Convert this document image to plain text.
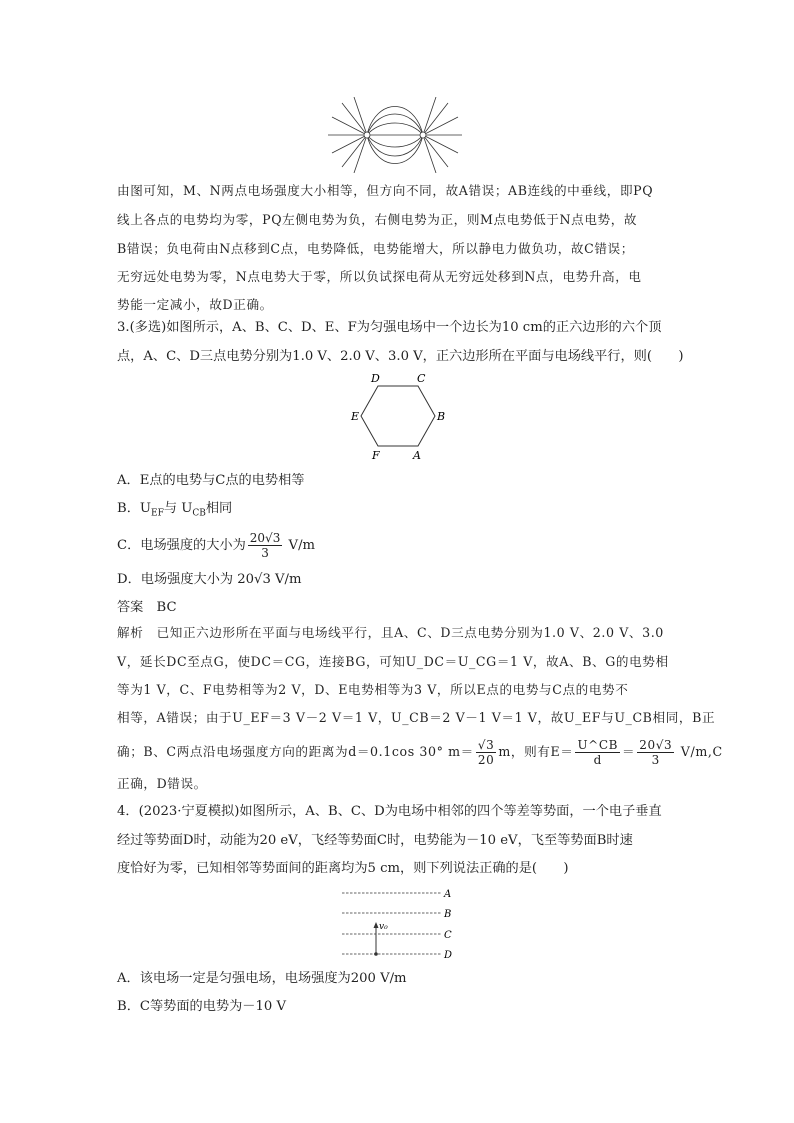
由图可知，M、N两点电场强度大小相等，但方向不同，故A错误；AB连线的中垂线，即PQ
线上各点的电势均为零，PQ左侧电势为负，右侧电势为正，则M点电势低于N点电势，故
B错误；负电荷由N点移到C点，电势降低，电势能增大，所以静电力做负功，故C错误；
无穷远处电势为零，N点电势大于零，所以负试探电荷从无穷远处移到N点，电势升高，电
势能一定减小，故D正确。
3.(多选)如图所示，A、B、C、D、E、F为匀强电场中一个边长为10 cm的正六边形的六个顶
点，A、C、D三点电势分别为1.0 V、2.0 V、3.0 V，正六边形所在平面与电场线平行，则(　　)
D	C
E	B
F	A
A．E点的电势与C点的电势相等
B．$U_{EF}$与 $U_{CB}$相同
C．电场强度的大小为 $\frac{20√3}{3} V/m$
D．电场强度大小为 20√3 V/m
答案　BC
解析　已知正六边形所在平面与电场线平行，且A、C、D三点电势分别为1.0 V、2.0 V、3.0
V，延长DC至点G，使DC＝CG，连接BG，可知U_DC＝U_CG＝1 V，故A、B、G的电势相
等为1 V，C、F电势相等为2 V，D、E电势相等为3 V，所以E点的电势与C点的电势不
相等，A错误；由于U_EF＝3 V－2 V＝1 V，U_CB＝2 V－1 V＝1 V，故U_EF与U_CB相同，B正
确；B、C两点沿电场强度方向的距离为d＝0.1cos 30° $m= \frac{√3}{20}$ m，则有$E= \frac{U\^{}CB}{d} = \frac{20√3}{3} V/m,C$
正确，D错误。
4．(2023·宁夏模拟)如图所示，A、B、C、D为电场中相邻的四个等差等势面，一个电子垂直
经过等势面D时，动能为20 eV，飞经等势面C时，电势能为－10 eV，飞至等势面B时速
度恰好为零，已知相邻等势面间的距离均为5 cm，则下列说法正确的是(　　)
A
B
C
D
v₀
A．该电场一定是匀强电场，电场强度为200 V/m
B．C等势面的电势为－10 V
